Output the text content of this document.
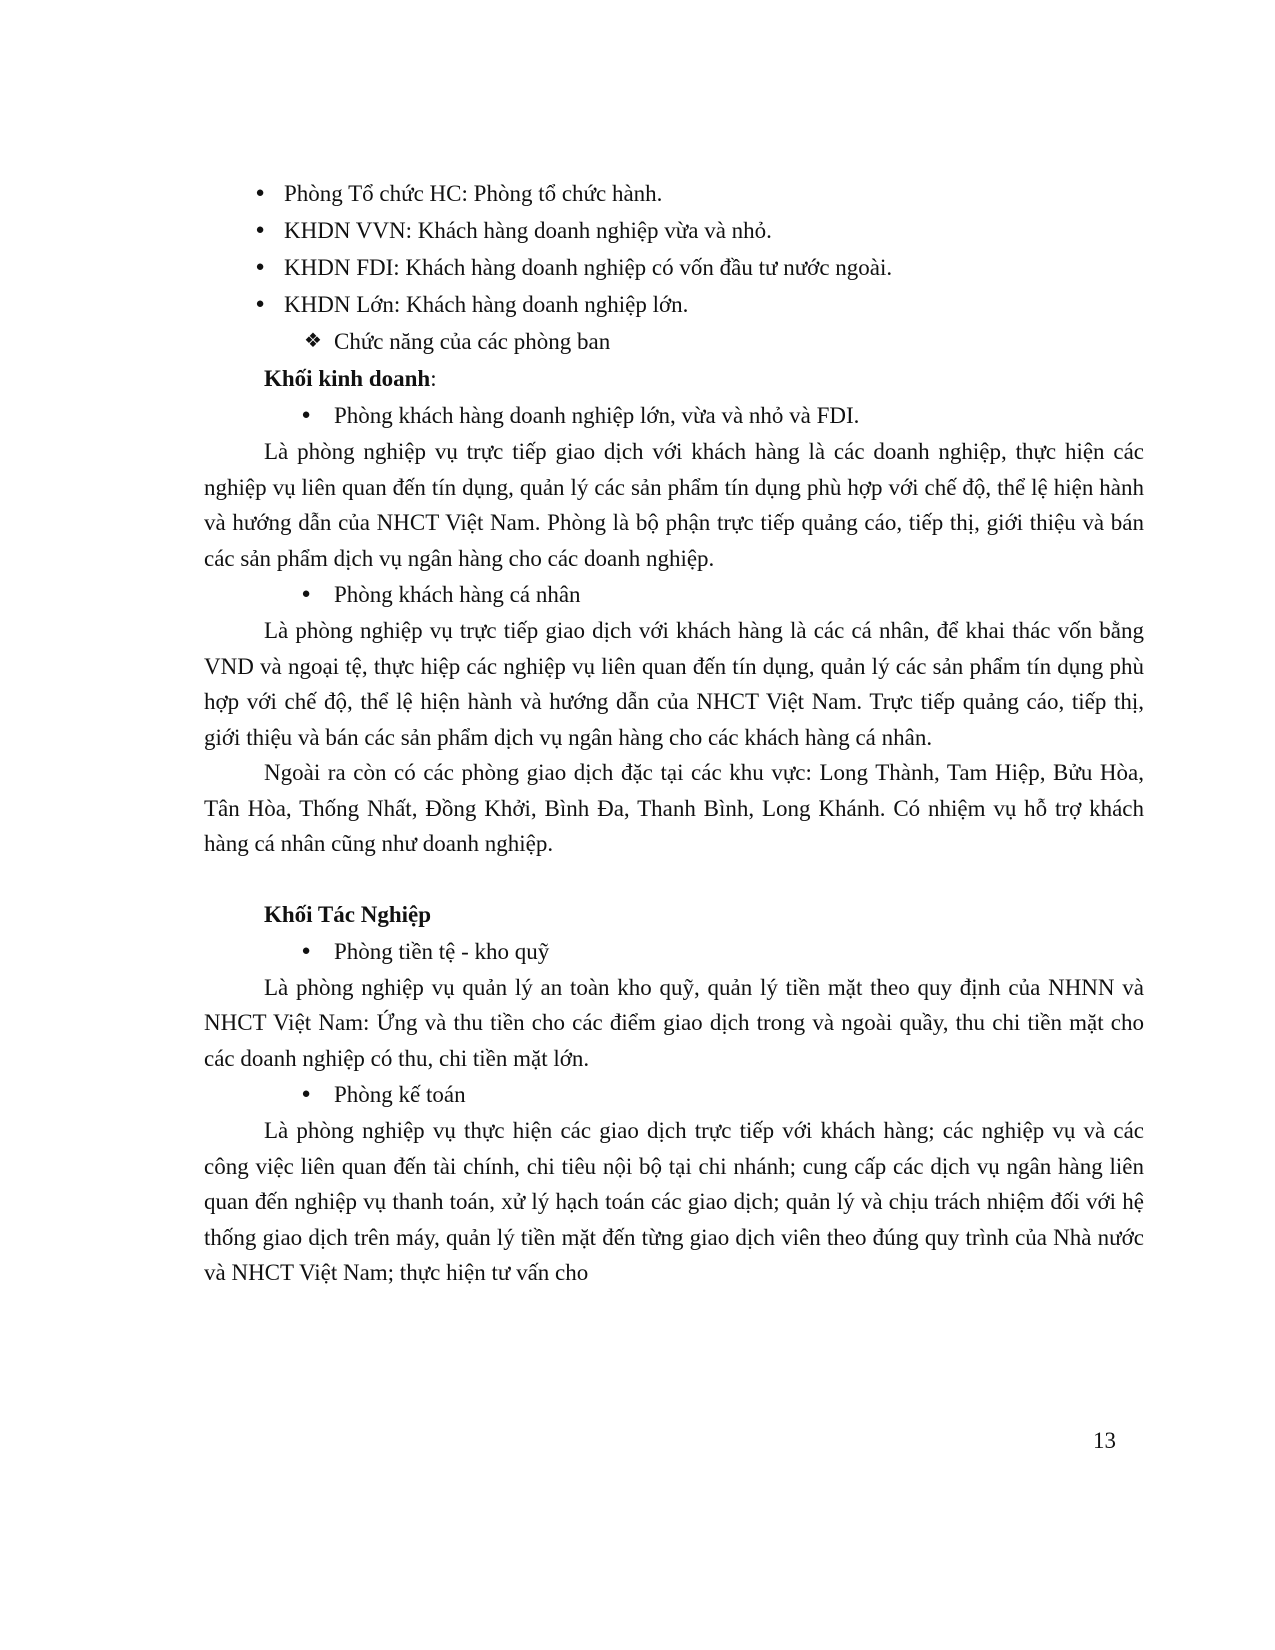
● Phòng Tổ chức HC: Phòng tổ chức hành.
● KHDN VVN: Khách hàng doanh nghiệp vừa và nhỏ.
● KHDN FDI: Khách hàng doanh nghiệp có vốn đầu tư nước ngoài.
● KHDN Lớn: Khách hàng doanh nghiệp lớn.
❖ Chức năng của các phòng ban
Khối kinh doanh:
● Phòng khách hàng doanh nghiệp lớn, vừa và nhỏ và FDI.

Là phòng nghiệp vụ trực tiếp giao dịch với khách hàng là các doanh nghiệp, thực hiện các nghiệp vụ liên quan đến tín dụng, quản lý các sản phẩm tín dụng phù hợp với chế độ, thể lệ hiện hành và hướng dẫn của NHCT Việt Nam. Phòng là bộ phận trực tiếp quảng cáo, tiếp thị, giới thiệu và bán các sản phẩm dịch vụ ngân hàng cho các doanh nghiệp.

● Phòng khách hàng cá nhân

Là phòng nghiệp vụ trực tiếp giao dịch với khách hàng là các cá nhân, để khai thác vốn bằng VND và ngoại tệ, thực hiệp các nghiệp vụ liên quan đến tín dụng, quản lý các sản phẩm tín dụng phù hợp với chế độ, thể lệ hiện hành và hướng dẫn của NHCT Việt Nam. Trực tiếp quảng cáo, tiếp thị, giới thiệu và bán các sản phẩm dịch vụ ngân hàng cho các khách hàng cá nhân.

Ngoài ra còn có các phòng giao dịch đặc tại các khu vực: Long Thành, Tam Hiệp, Bửu Hòa, Tân Hòa, Thống Nhất, Đồng Khởi, Bình Đa, Thanh Bình, Long Khánh. Có nhiệm vụ hỗ trợ khách hàng cá nhân cũng như doanh nghiệp.

Khối Tác Nghiệp
● Phòng tiền tệ - kho quỹ

Là phòng nghiệp vụ quản lý an toàn kho quỹ, quản lý tiền mặt theo quy định của NHNN và NHCT Việt Nam: Ứng và thu tiền cho các điểm giao dịch trong và ngoài quầy, thu chi tiền mặt cho các doanh nghiệp có thu, chi tiền mặt lớn.

● Phòng kế toán

Là phòng nghiệp vụ thực hiện các giao dịch trực tiếp với khách hàng; các nghiệp vụ và các công việc liên quan đến tài chính, chi tiêu nội bộ tại chi nhánh; cung cấp các dịch vụ ngân hàng liên quan đến nghiệp vụ thanh toán, xử lý hạch toán các giao dịch; quản lý và chịu trách nhiệm đối với hệ thống giao dịch trên máy, quản lý tiền mặt đến từng giao dịch viên theo đúng quy trình của Nhà nước và NHCT Việt Nam; thực hiện tư vấn cho

13
